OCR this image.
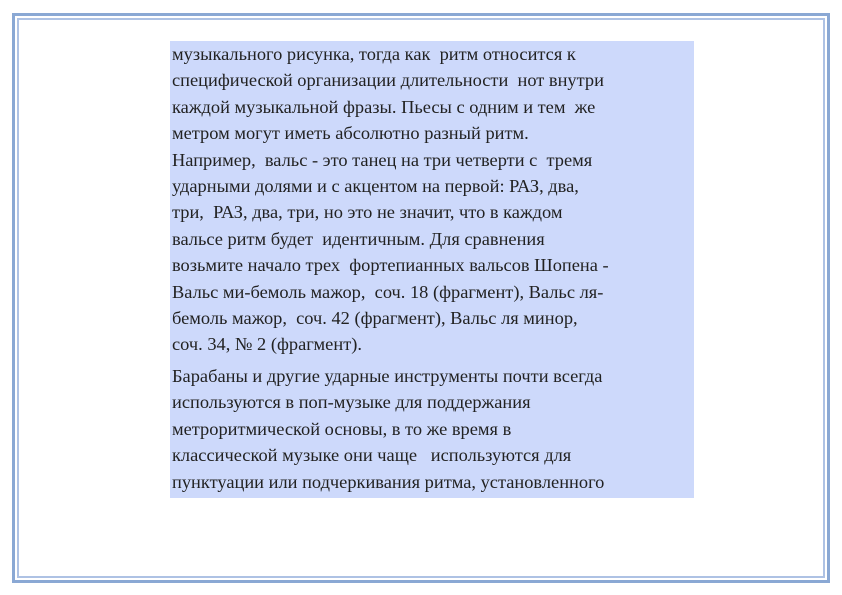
музыкального рисунка, тогда как  ритм относится к
специфической организации длительности  нот внутри
каждой музыкальной фразы. Пьесы с одним и тем  же
метром могут иметь абсолютно разный ритм.
Например,  вальс - это танец на три четверти с  тремя
ударными долями и с акцентом на первой: РАЗ, два,
три,  РАЗ, два, три, но это не значит, что в каждом
вальсе ритм будет  идентичным. Для сравнения
возьмите начало трех  фортепианных вальсов Шопена -
Вальс ми-бемоль мажор,  соч. 18 (фрагмент), Вальс ля-
бемоль мажор,  соч. 42 (фрагмент), Вальс ля минор,
соч. 34, № 2 (фрагмент).

Барабаны и другие ударные инструменты почти всегда
используются в поп-музыке для поддержания
метроритмической основы, в то же время в
классической музыке они чаще   используются для
пунктуации или подчеркивания ритма, установленного
